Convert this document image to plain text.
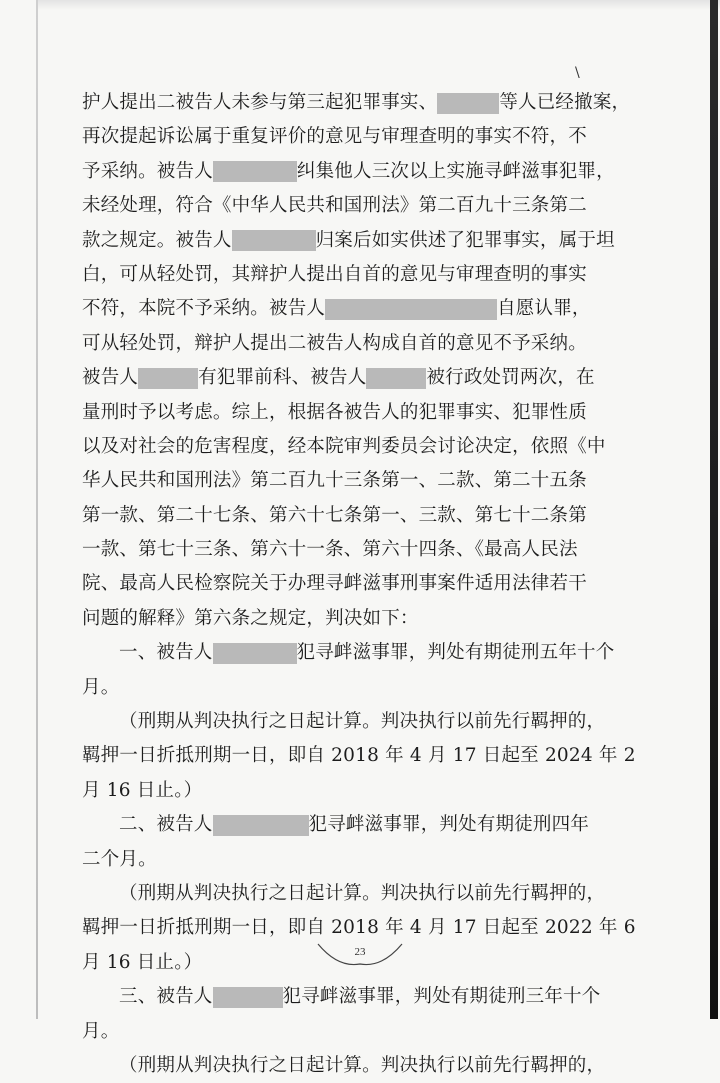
\
护人提出二被告人未参与第三起犯罪事实、	等人已经撤案，
再次提起诉讼属于重复评价的意见与审理查明的事实不符，不
予采纳。被告人	纠集他人三次以上实施寻衅滋事犯罪，
未经处理，符合《中华人民共和国刑法》第二百九十三条第二
款之规定。被告人	归案后如实供述了犯罪事实，属于坦
白，可从轻处罚，其辩护人提出自首的意见与审理查明的事实
不符，本院不予采纳。被告人	自愿认罪，
可从轻处罚，辩护人提出二被告人构成自首的意见不予采纳。
被告人	有犯罪前科、被告人	被行政处罚两次，在
量刑时予以考虑。综上，根据各被告人的犯罪事实、犯罪性质
以及对社会的危害程度，经本院审判委员会讨论决定，依照《中
华人民共和国刑法》第二百九十三条第一、二款、第二十五条
第一款、第二十七条、第六十七条第一、三款、第七十二条第
一款、第七十三条、第六十一条、第六十四条、《最高人民法
院、最高人民检察院关于办理寻衅滋事刑事案件适用法律若干
问题的解释》第六条之规定，判决如下：
一、被告人	犯寻衅滋事罪，判处有期徒刑五年十个
月。
（刑期从判决执行之日起计算。判决执行以前先行羁押的，
羁押一日折抵刑期一日，即自 2018 年 4 月 17 日起至 2024 年 2
月 16 日止。）
二、被告人	犯寻衅滋事罪，判处有期徒刑四年
二个月。
（刑期从判决执行之日起计算。判决执行以前先行羁押的，
羁押一日折抵刑期一日，即自 2018 年 4 月 17 日起至 2022 年 6
月 16 日止。）
三、被告人	犯寻衅滋事罪，判处有期徒刑三年十个
月。
（刑期从判决执行之日起计算。判决执行以前先行羁押的，
23
